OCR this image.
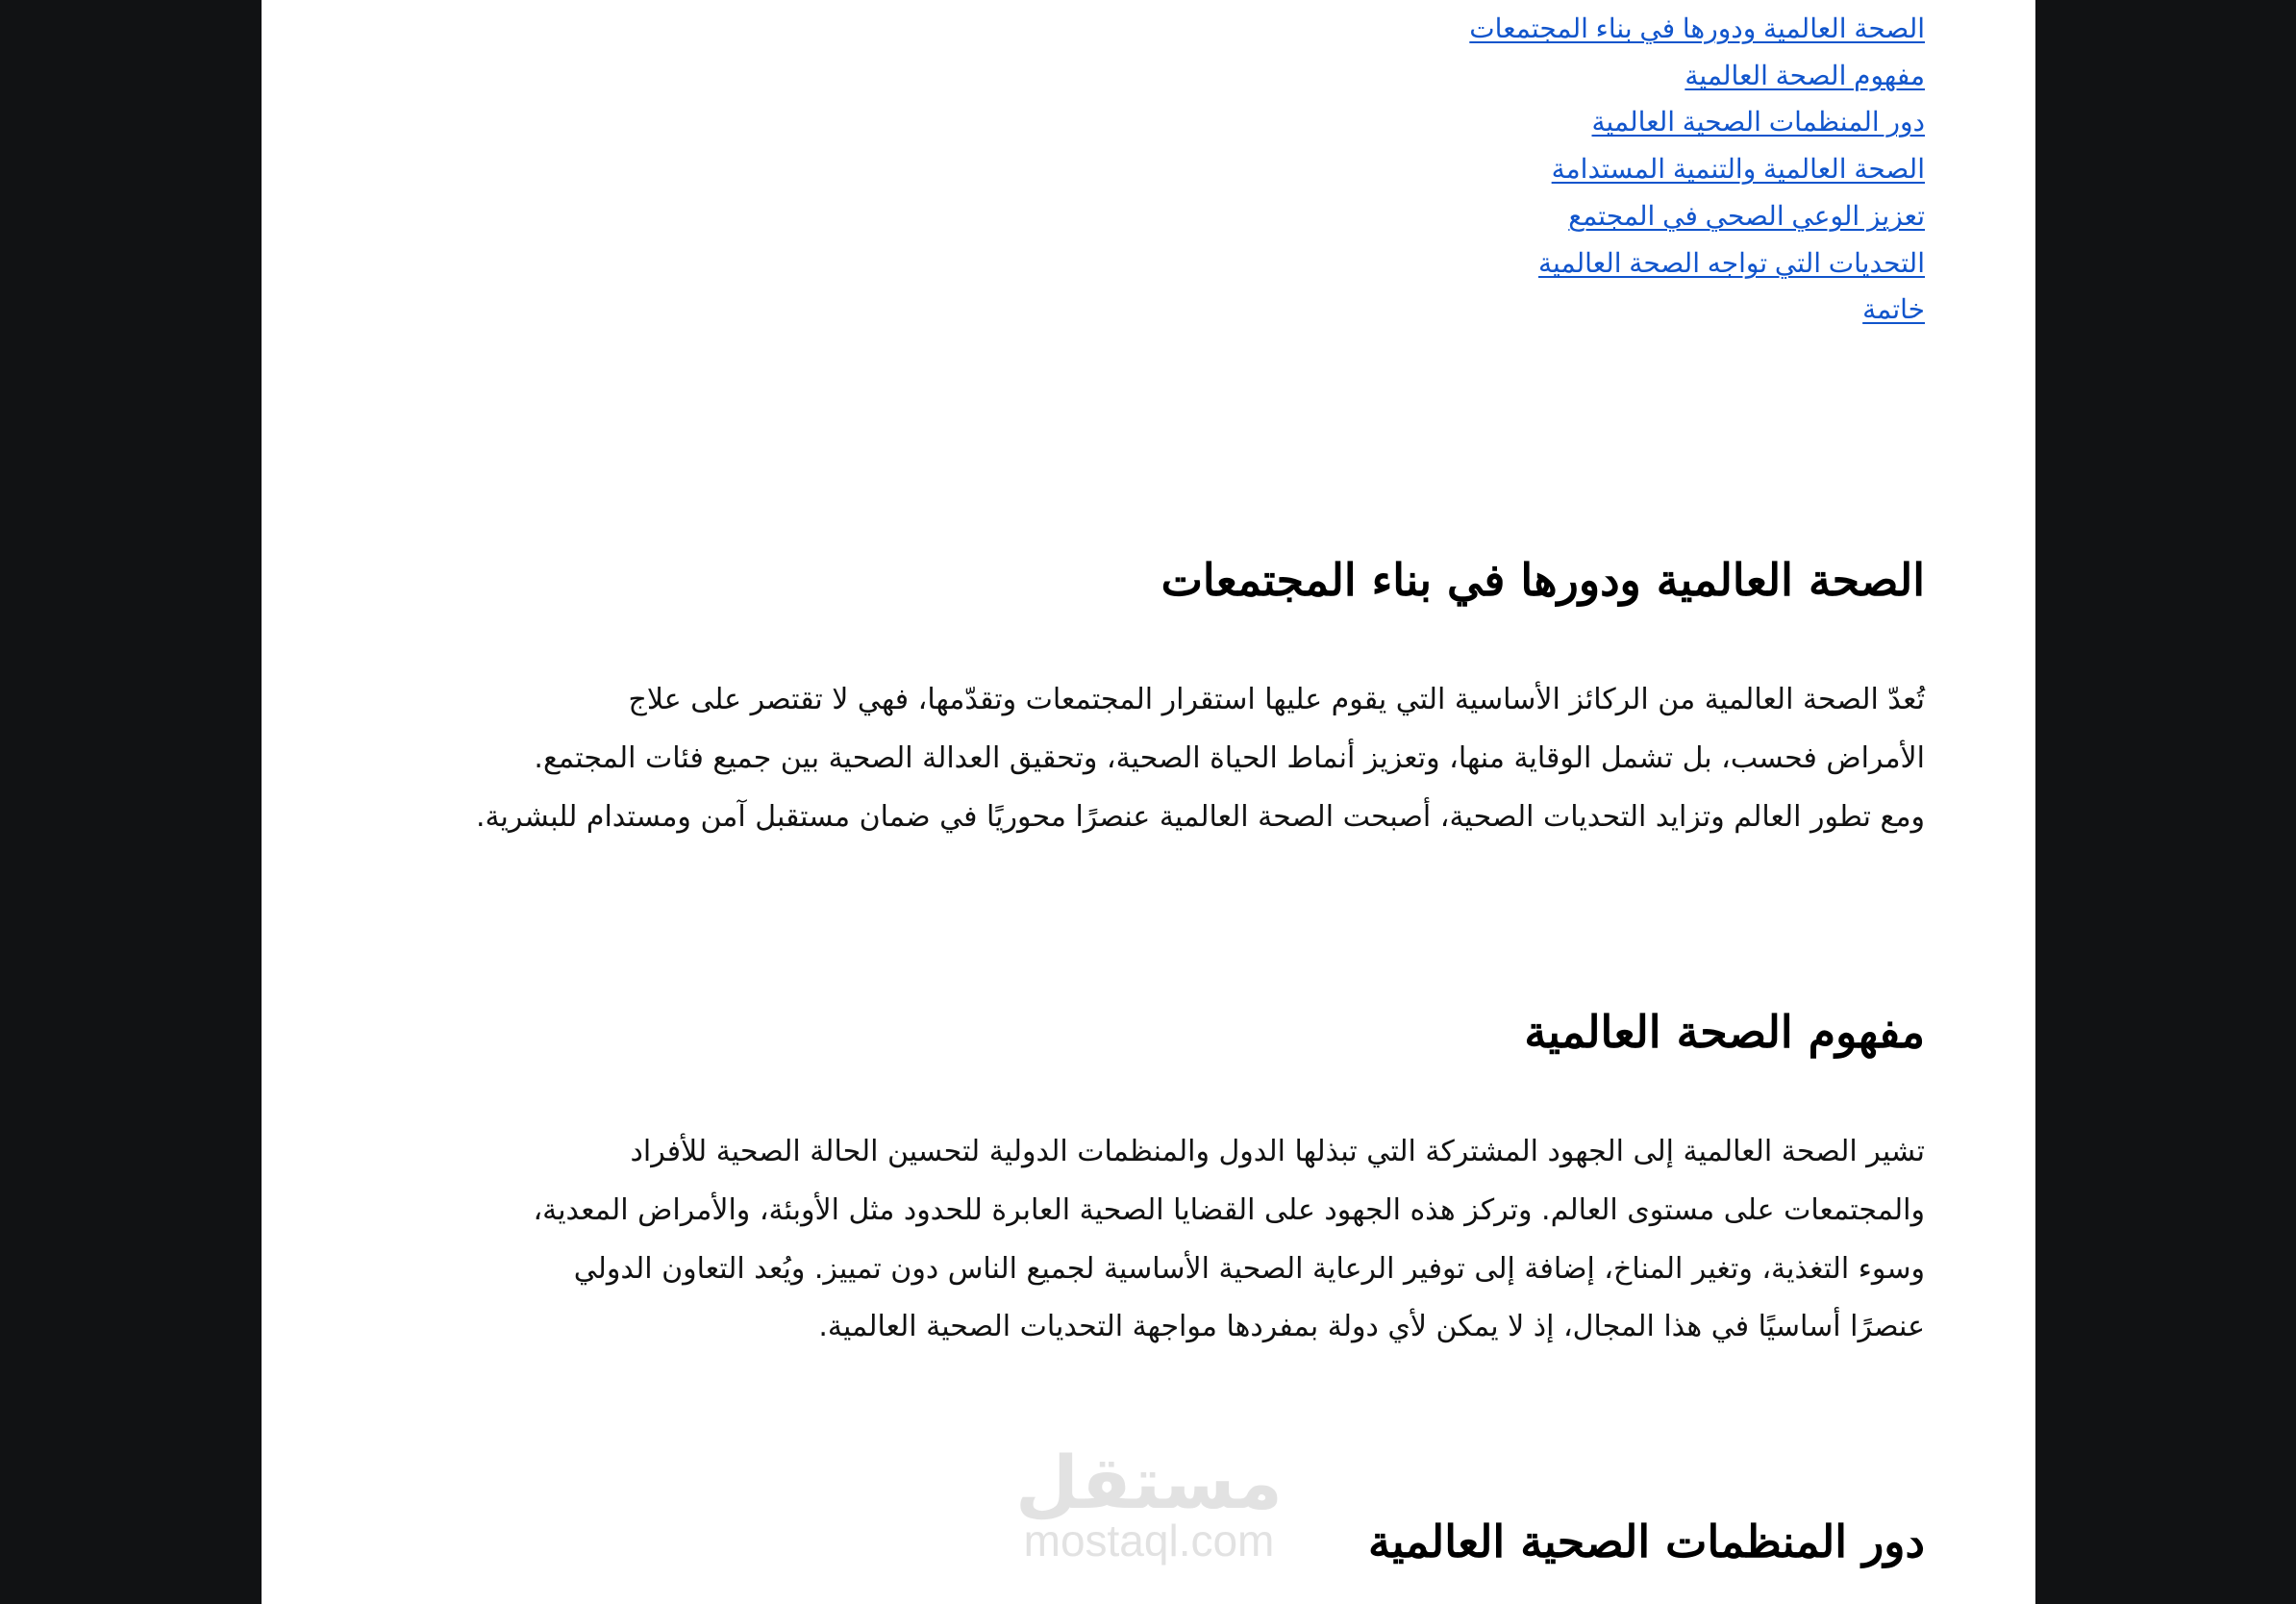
الصحة العالمية ودورها في بناء المجتمعات
مفهوم الصحة العالمية
دور المنظمات الصحية العالمية
الصحة العالمية والتنمية المستدامة
تعزيز الوعي الصحي في المجتمع
التحديات التي تواجه الصحة العالمية
خاتمة
الصحة العالمية ودورها في بناء المجتمعات
تُعدّ الصحة العالمية من الركائز الأساسية التي يقوم عليها استقرار المجتمعات وتقدّمها، فهي لا تقتصر على علاج
الأمراض فحسب، بل تشمل الوقاية منها، وتعزيز أنماط الحياة الصحية، وتحقيق العدالة الصحية بين جميع فئات المجتمع.
ومع تطور العالم وتزايد التحديات الصحية، أصبحت الصحة العالمية عنصرًا محوريًا في ضمان مستقبل آمن ومستدام للبشرية.
مفهوم الصحة العالمية
تشير الصحة العالمية إلى الجهود المشتركة التي تبذلها الدول والمنظمات الدولية لتحسين الحالة الصحية للأفراد
والمجتمعات على مستوى العالم. وتركز هذه الجهود على القضايا الصحية العابرة للحدود مثل الأوبئة، والأمراض المعدية،
وسوء التغذية، وتغير المناخ، إضافة إلى توفير الرعاية الصحية الأساسية لجميع الناس دون تمييز. ويُعد التعاون الدولي
عنصرًا أساسيًا في هذا المجال، إذ لا يمكن لأي دولة بمفردها مواجهة التحديات الصحية العالمية.
دور المنظمات الصحية العالمية
مستقل
mostaql.com
